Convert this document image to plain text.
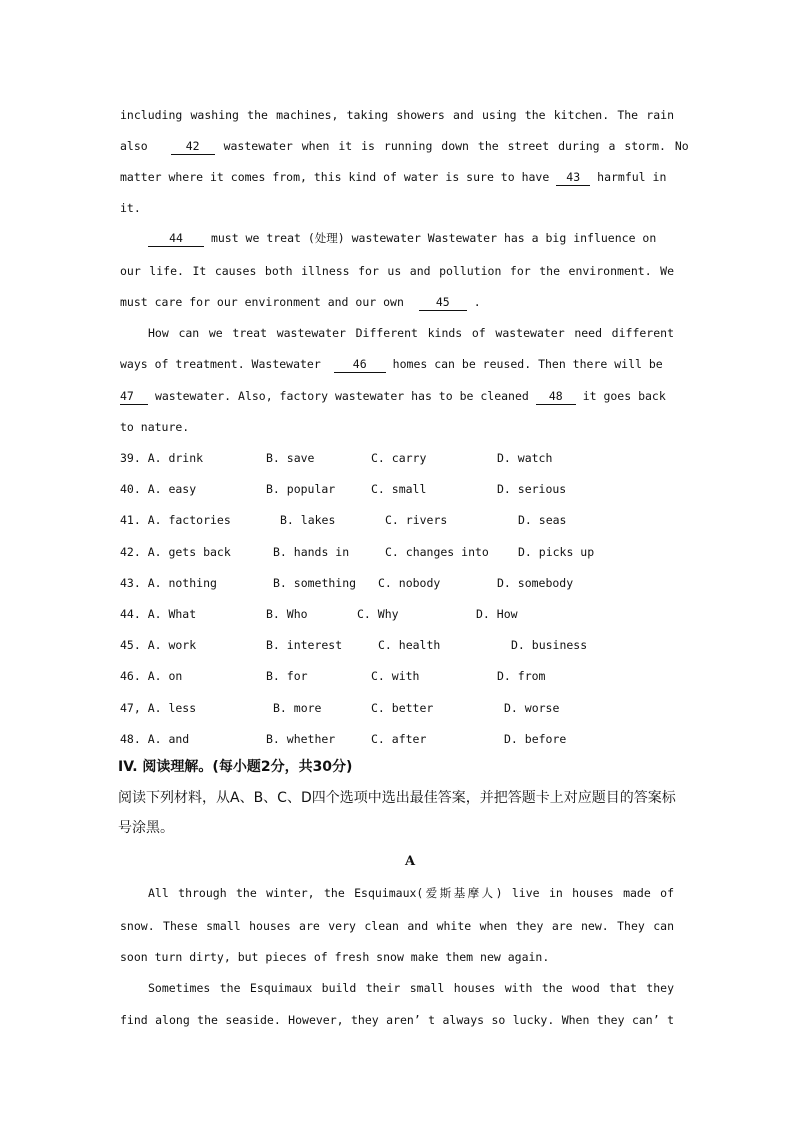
including washing the machines, taking showers and using the kitchen. The rain
also	42 wastewater when it is running down the street during a storm. No
matter where it comes from, this kind of water is sure to have 43 harmful in
it.
44 must we treat (处理) wastewater Wastewater has a big influence on
our life. It causes both illness for us and pollution for the environment. We
must care for our environment and our own	45 .
How can we treat wastewater Different kinds of wastewater need different
ways of treatment. Wastewater	46 homes can be reused. Then there will be
47 wastewater. Also, factory wastewater has to be cleaned 48 it goes back
to nature.
39. A. drink	B. save	C. carry	D. watch
40. A. easy	B. popular	C. small	D. serious
41. A. factories	B. lakes	C. rivers	D. seas
42. A. gets back	B. hands in	C. changes into	D. picks up
43. A. nothing	B. something C. nobody	D. somebody
44. A. What	B. Who	C. Why	D. How
45. A. work	B. interest	C. health	D. business
46. A. on	B. for	C. with	D. from
47, A. less	B. more	C. better	D. worse
48. A. and	B. whether	C. after	D. before
IV. 阅读理解。(每小题2分，共30分)
阅读下列材料，从A、B、C、D四个选项中选出最佳答案，并把答题卡上对应题目的答案标
号涂黑。
A
All through the winter, the Esquimaux(爱斯基摩人) live in houses made of
snow. These small houses are very clean and white when they are new. They can
soon turn dirty, but pieces of fresh snow make them new again.
Sometimes the Esquimaux build their small houses with the wood that they
find along the seaside. However, they aren’ t always so lucky. When they can’ t
